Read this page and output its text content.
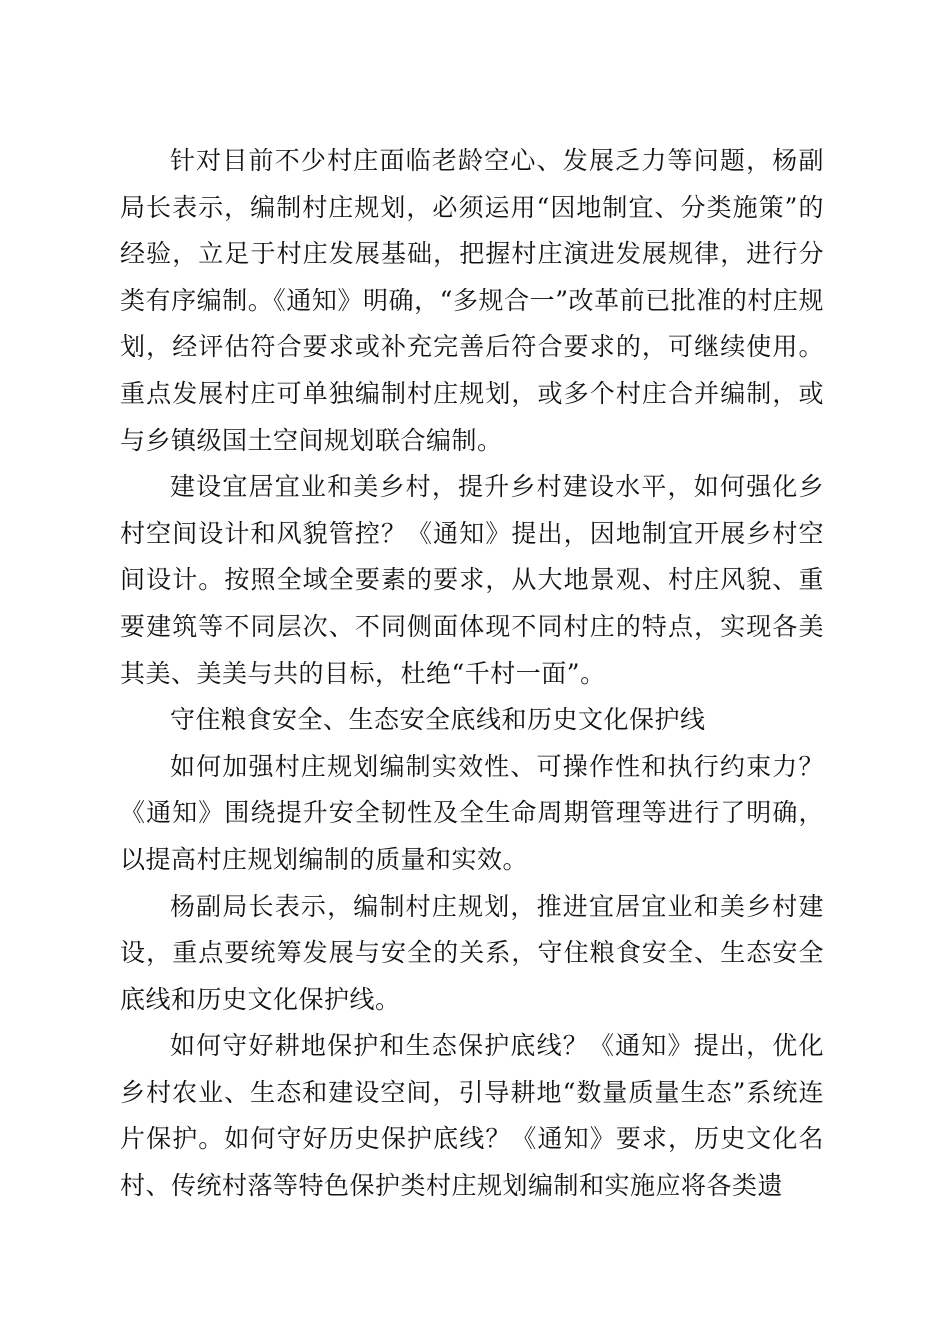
针对目前不少村庄面临老龄空心、发展乏力等问题，杨副局长表示，编制村庄规划，必须运用“因地制宜、分类施策”的经验，立足于村庄发展基础，把握村庄演进发展规律，进行分类有序编制。《通知》明确，“多规合一”改革前已批准的村庄规划，经评估符合要求或补充完善后符合要求的，可继续使用。重点发展村庄可单独编制村庄规划，或多个村庄合并编制，或与乡镇级国土空间规划联合编制。

建设宜居宜业和美乡村，提升乡村建设水平，如何强化乡村空间设计和风貌管控？《通知》提出，因地制宜开展乡村空间设计。按照全域全要素的要求，从大地景观、村庄风貌、重要建筑等不同层次、不同侧面体现不同村庄的特点，实现各美其美、美美与共的目标，杜绝“千村一面”。

守住粮食安全、生态安全底线和历史文化保护线

如何加强村庄规划编制实效性、可操作性和执行约束力？《通知》围绕提升安全韧性及全生命周期管理等进行了明确，以提高村庄规划编制的质量和实效。

杨副局长表示，编制村庄规划，推进宜居宜业和美乡村建设，重点要统筹发展与安全的关系，守住粮食安全、生态安全底线和历史文化保护线。

如何守好耕地保护和生态保护底线？《通知》提出，优化乡村农业、生态和建设空间，引导耕地“数量质量生态”系统连片保护。如何守好历史保护底线？《通知》要求，历史文化名村、传统村落等特色保护类村庄规划编制和实施应将各类遗
